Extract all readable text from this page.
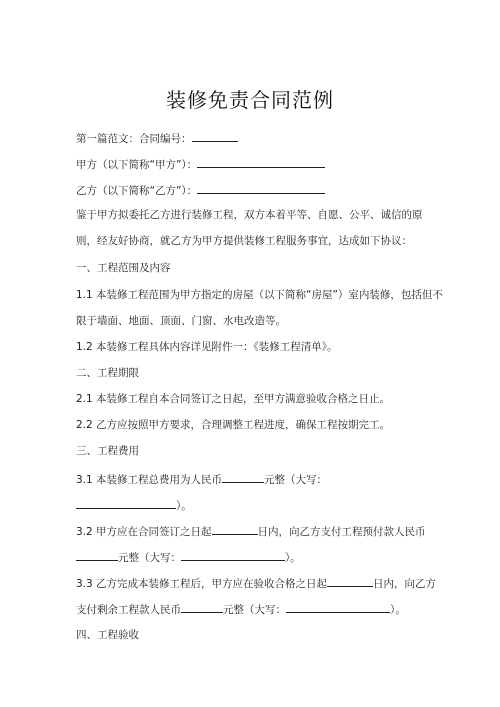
装修免责合同范例
第一篇范文：合同编号：
甲方（以下简称“甲方”）：
乙方（以下简称“乙方”）：
鉴于甲方拟委托乙方进行装修工程，双方本着平等、自愿、公平、诚信的原
则，经友好协商，就乙方为甲方提供装修工程服务事宜，达成如下协议：
一、工程范围及内容
1.1 本装修工程范围为甲方指定的房屋（以下简称“房屋”）室内装修，包括但不
限于墙面、地面、顶面、门窗、水电改造等。
1.2 本装修工程具体内容详见附件一：《装修工程清单》。
二、工程期限
2.1 本装修工程自本合同签订之日起，至甲方满意验收合格之日止。
2.2 乙方应按照甲方要求，合理调整工程进度，确保工程按期完工。
三、工程费用
3.1 本装修工程总费用为人民币	元整（大写：
）。
3.2 甲方应在合同签订之日起	日内，向乙方支付工程预付款人民币
元整（大写：	）。
3.3 乙方完成本装修工程后，甲方应在验收合格之日起	日内，向乙方
支付剩余工程款人民币	元整（大写：	）。
四、工程验收
